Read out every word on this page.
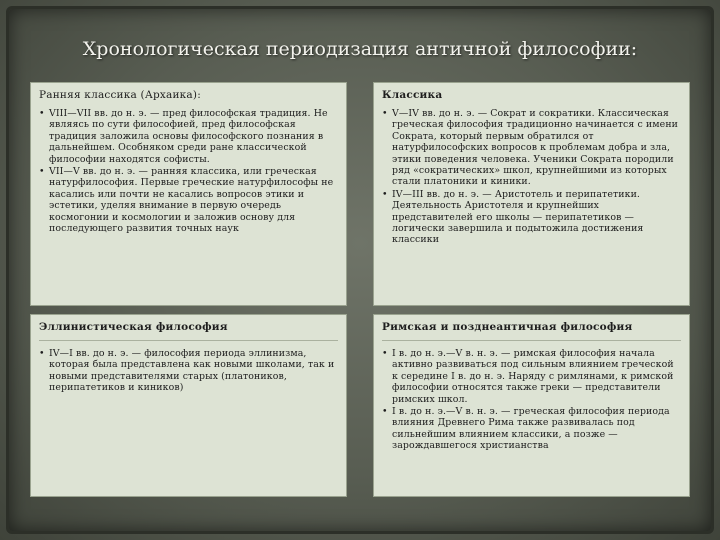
Хронологическая периодизация античной философии:
Ранняя классика (Архаика):
• VIII—VII вв. до н. э. — пред философская традиция. Не являясь по сути философией, пред философская традиция заложила основы философского познания в дальнейшем. Особняком среди ране классической философии находятся софисты.
• VII—V вв. до н. э. — ранняя классика, или греческая натурфилософия. Первые греческие натурфилософы не касались или почти не касались вопросов этики и эстетики, уделяя внимание в первую очередь космогонии и космологии и заложив основу для последующего развития точных наук
Классика
• V—IV вв. до н. э. — Сократ и сократики. Классическая греческая философия традиционно начинается с имени Сократа, который первым обратился от натурфилософских вопросов к проблемам добра и зла, этики поведения человека. Ученики Сократа породили ряд «сократических» школ, крупнейшими из которых стали платоники и киники.
• IV—III вв. до н. э. — Аристотель и перипатетики. Деятельность Аристотеля и крупнейших представителей его школы — перипатетиков — логически завершила и подытожила достижения классики
Эллинистическая философия
• IV—I вв. до н. э. — философия периода эллинизма, которая была представлена как новыми школами, так и новыми представителями старых (платоников, перипатетиков и киников)
Римская и позднеантичная философия
• I в. до н. э.—V в. н. э. — римская философия начала активно развиваться под сильным влиянием греческой к середине I в. до н. э. Наряду с римлянами, к римской философии относятся также греки — представители римских школ.
• I в. до н. э.—V в. н. э. — греческая философия периода влияния Древнего Рима также развивалась под сильнейшим влиянием классики, а позже — зарождавшегося христианства
